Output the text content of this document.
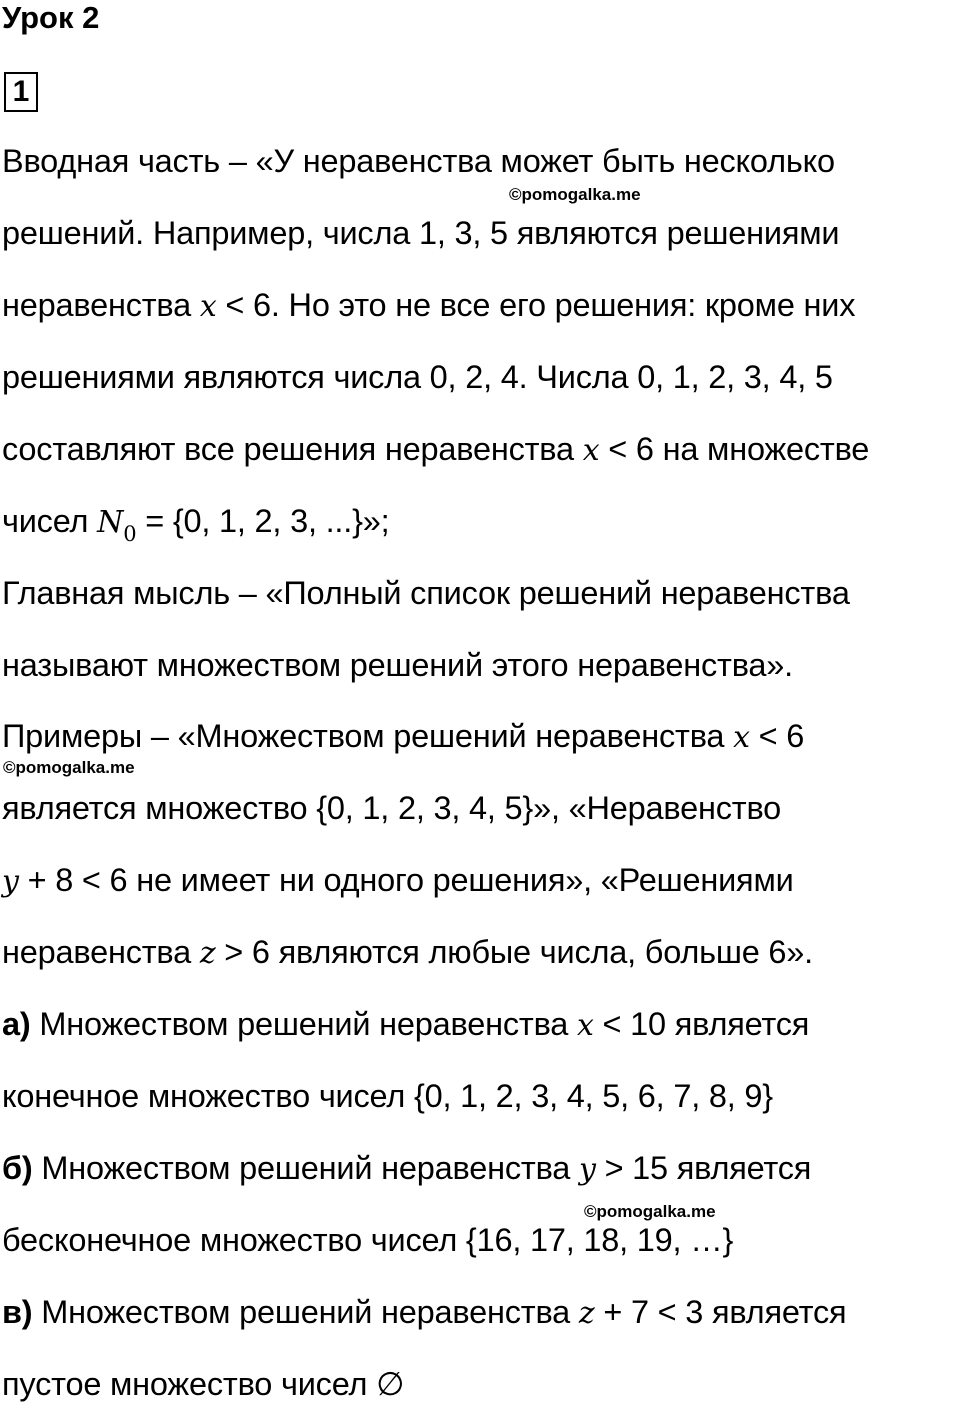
Урок 2
1
Вводная часть – «У неравенства может быть несколько
©pomogalka.me
решений. Например, числа 1, 3, 5 являются решениями
неравенства x < 6. Но это не все его решения: кроме них
решениями являются числа 0, 2, 4. Числа 0, 1, 2, 3, 4, 5
составляют все решения неравенства x < 6 на множестве
чисел $N_0 = \{0$, 1, 2, 3, ...}»;
Главная мысль – «Полный список решений неравенства
называют множеством решений этого неравенства».
Примеры – «Множеством решений неравенства x < 6
©pomogalka.me
является множество {0, 1, 2, 3, 4, 5}», «Неравенство
y + 8 < 6 не имеет ни одного решения», «Решениями
неравенства z > 6 являются любые числа, больше 6».
а) Множеством решений неравенства x < 10 является
конечное множество чисел {0, 1, 2, 3, 4, 5, 6, 7, 8, 9}
б) Множеством решений неравенства y > 15 является
©pomogalka.me
бесконечное множество чисел {16, 17, 18, 19, …}
в) Множеством решений неравенства z + 7 < 3 является
пустое множество чисел ∅
